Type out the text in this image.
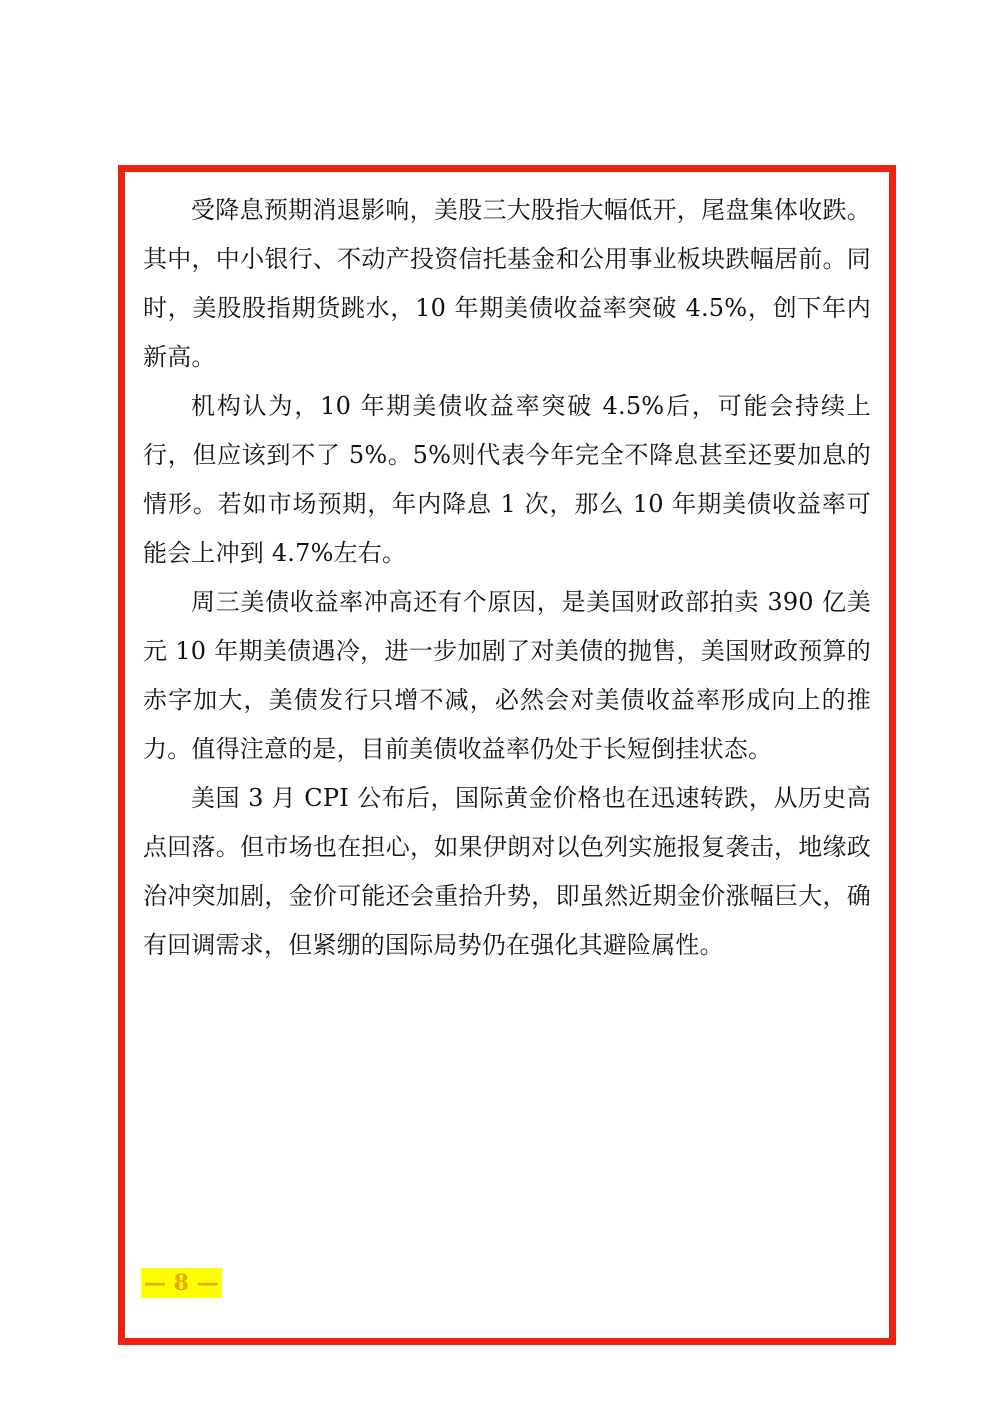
受降息预期消退影响，美股三大股指大幅低开，尾盘集体收跌。其中，中小银行、不动产投资信托基金和公用事业板块跌幅居前。同时，美股股指期货跳水，10 年期美债收益率突破 4.5%，创下年内新高。

机构认为，10 年期美债收益率突破 4.5%后，可能会持续上行，但应该到不了 5%。5%则代表今年完全不降息甚至还要加息的情形。若如市场预期，年内降息 1 次，那么 10 年期美债收益率可能会上冲到 4.7%左右。

周三美债收益率冲高还有个原因，是美国财政部拍卖 390 亿美元 10 年期美债遇冷，进一步加剧了对美债的抛售，美国财政预算的赤字加大，美债发行只增不减，必然会对美债收益率形成向上的推力。值得注意的是，目前美债收益率仍处于长短倒挂状态。

美国 3 月 CPI 公布后，国际黄金价格也在迅速转跌，从历史高点回落。但市场也在担心，如果伊朗对以色列实施报复袭击，地缘政治冲突加剧，金价可能还会重拾升势，即虽然近期金价涨幅巨大，确有回调需求，但紧绷的国际局势仍在强化其避险属性。

— 8 —
